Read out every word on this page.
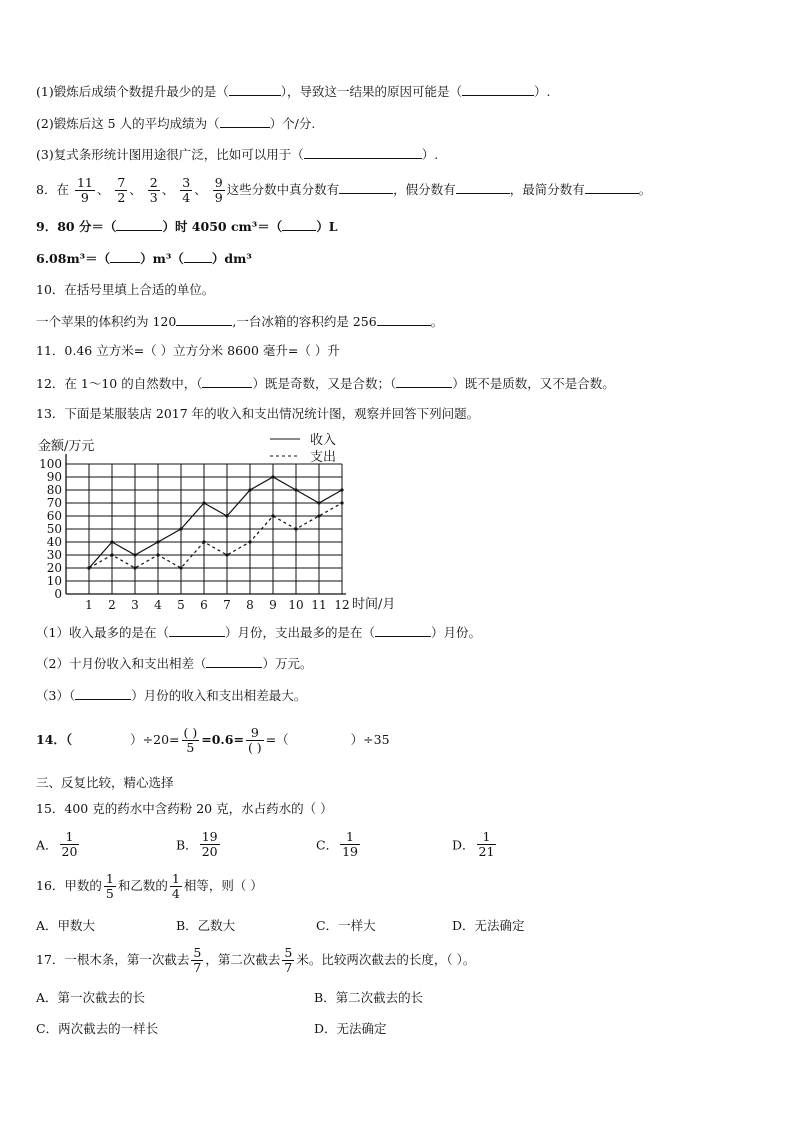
(1)锻炼后成绩个数提升最少的是（	），导致这一结果的原因可能是（	）.
(2)锻炼后这 5 人的平均成绩为（	）个/分.
(3)复式条形统计图用途很广泛，比如可以用于（	）.
8．在 $\frac{11}{9}$ 、 $\frac{7}{2}$ 、 $\frac{2}{3}$ 、 $\frac{3}{4}$ 、 $\frac{9}{9}$ 这些分数中真分数有	，假分数有	，最简分数有	。
9．80 分＝（	）时 4050 cm³＝（	）L
6.08m³＝（ ）m³（ ）dm³
10．在括号里填上合适的单位。
一个苹果的体积约为 120	,一台冰箱的容积约是 256	。
11．0.46 立方米=（ ）立方分米 8600 毫升=（ ）升
12．在 1～10 的自然数中，（	）既是奇数，又是合数；（	）既不是质数，又不是合数。
13．下面是某服装店 2017 年的收入和支出情况统计图，观察并回答下列问题。
金额/万元
0
10
20
30
40
50
60
70
80
90
100
1 2 3 4 5 6 7 8 9 10 11 12
收入
支出
时间/月
（1）收入最多的是在（	）月份，支出最多的是在（	）月份。
（2）十月份收入和支出相差（	）万元。
（3）（	）月份的收入和支出相差最大。
14．（	）$\div 20= \frac{( )}{5} =0.6= \frac{9}{( )}$ =（	）÷35
三、反复比较，精心选择
15．400 克的药水中含药粉 20 克，水占药水的（ ）
A． $\frac{1}{20}$	B． $\frac{19}{20}$	C． $\frac{1}{19}$	D． $\frac{1}{21}$
16．甲数的 $\frac{1}{5}$ 和乙数的 $\frac{1}{4}$ 相等，则（ ）
A．甲数大	B．乙数大	C．一样大	D．无法确定
17．一根木条，第一次截去 $\frac{5}{7}$ ，第二次截去 $\frac{5}{7}$ 米。比较两次截去的长度，（ ）。
A．第一次截去的长	B．第二次截去的长
C．两次截去的一样长	D．无法确定
